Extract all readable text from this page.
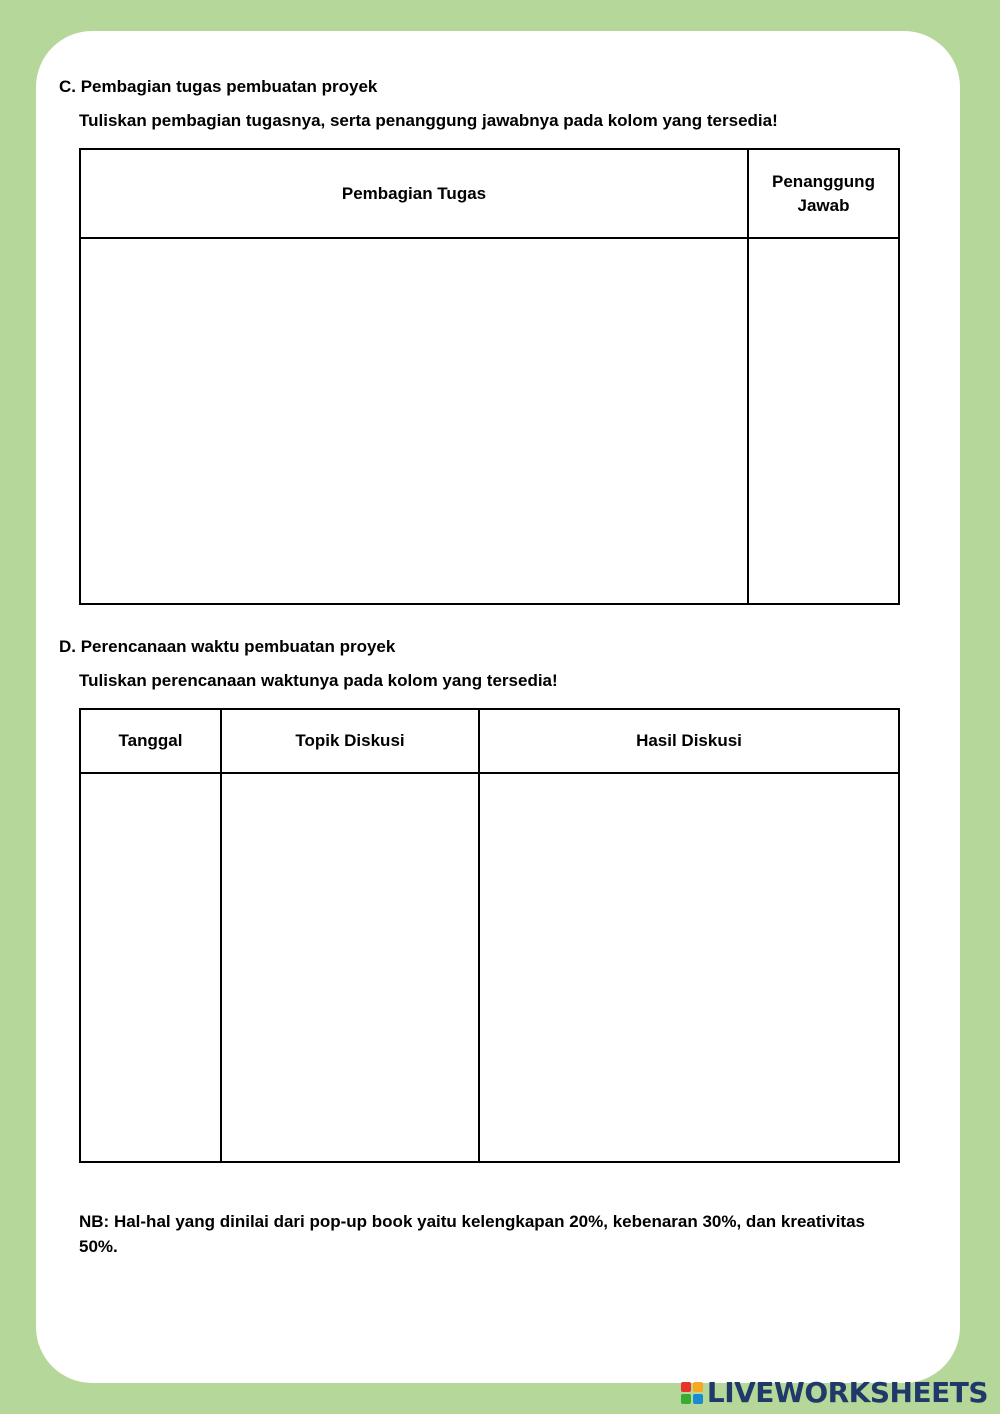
C. Pembagian tugas pembuatan proyek
Tuliskan pembagian tugasnya, serta penanggung jawabnya pada kolom yang tersedia!
Pembagian Tugas
Penanggung Jawab
D. Perencanaan waktu pembuatan proyek
Tuliskan perencanaan waktunya pada kolom yang tersedia!
Tanggal	Topik Diskusi	Hasil Diskusi
NB: Hal-hal yang dinilai dari pop-up book yaitu kelengkapan 20%, kebenaran 30%, dan kreativitas 50%.
LIVEWORKSHEETS
